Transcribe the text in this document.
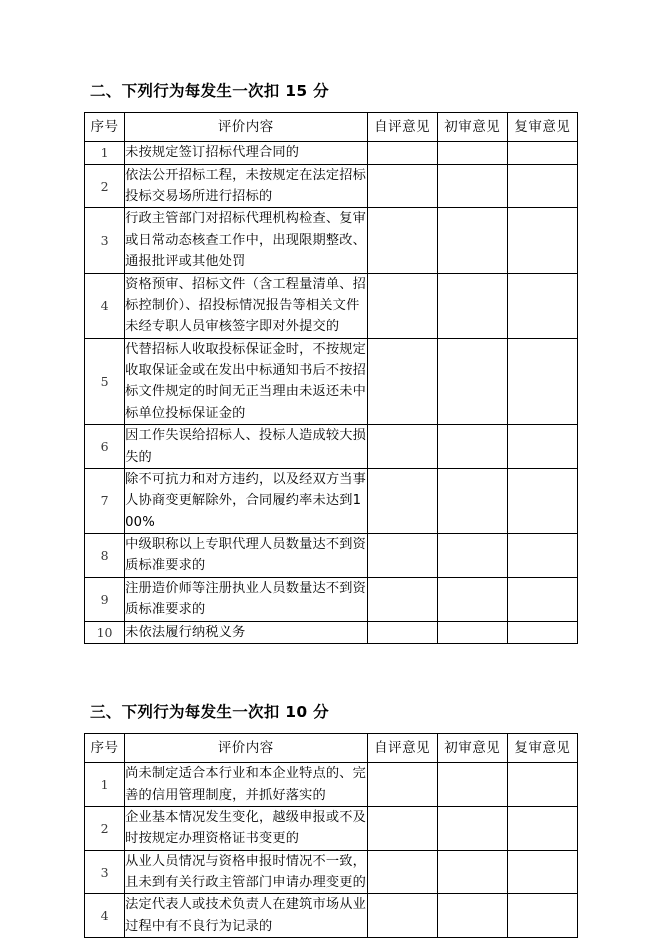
二、下列行为每发生一次扣 15 分
序号	评价内容	自评意见	初审意见	复审意见
1	未按规定签订招标代理合同的			
2	依法公开招标工程，未按规定在法定招标投标交易场所进行招标的			
3	行政主管部门对招标代理机构检查、复审或日常动态核查工作中，出现限期整改、通报批评或其他处罚			
4	资格预审、招标文件（含工程量清单、招标控制价）、招投标情况报告等相关文件未经专职人员审核签字即对外提交的			
5	代替招标人收取投标保证金时，不按规定收取保证金或在发出中标通知书后不按招标文件规定的时间无正当理由未返还未中标单位投标保证金的			
6	因工作失误给招标人、投标人造成较大损失的			
7	除不可抗力和对方违约，以及经双方当事人协商变更解除外，合同履约率未达到100%			
8	中级职称以上专职代理人员数量达不到资质标准要求的			
9	注册造价师等注册执业人员数量达不到资质标准要求的			
10	未依法履行纳税义务			
三、下列行为每发生一次扣 10 分
序号	评价内容	自评意见	初审意见	复审意见
1	尚未制定适合本行业和本企业特点的、完善的信用管理制度，并抓好落实的			
2	企业基本情况发生变化，越级申报或不及时按规定办理资格证书变更的			
3	从业人员情况与资格申报时情况不一致，且未到有关行政主管部门申请办理变更的			
4	法定代表人或技术负责人在建筑市场从业过程中有不良行为记录的			
